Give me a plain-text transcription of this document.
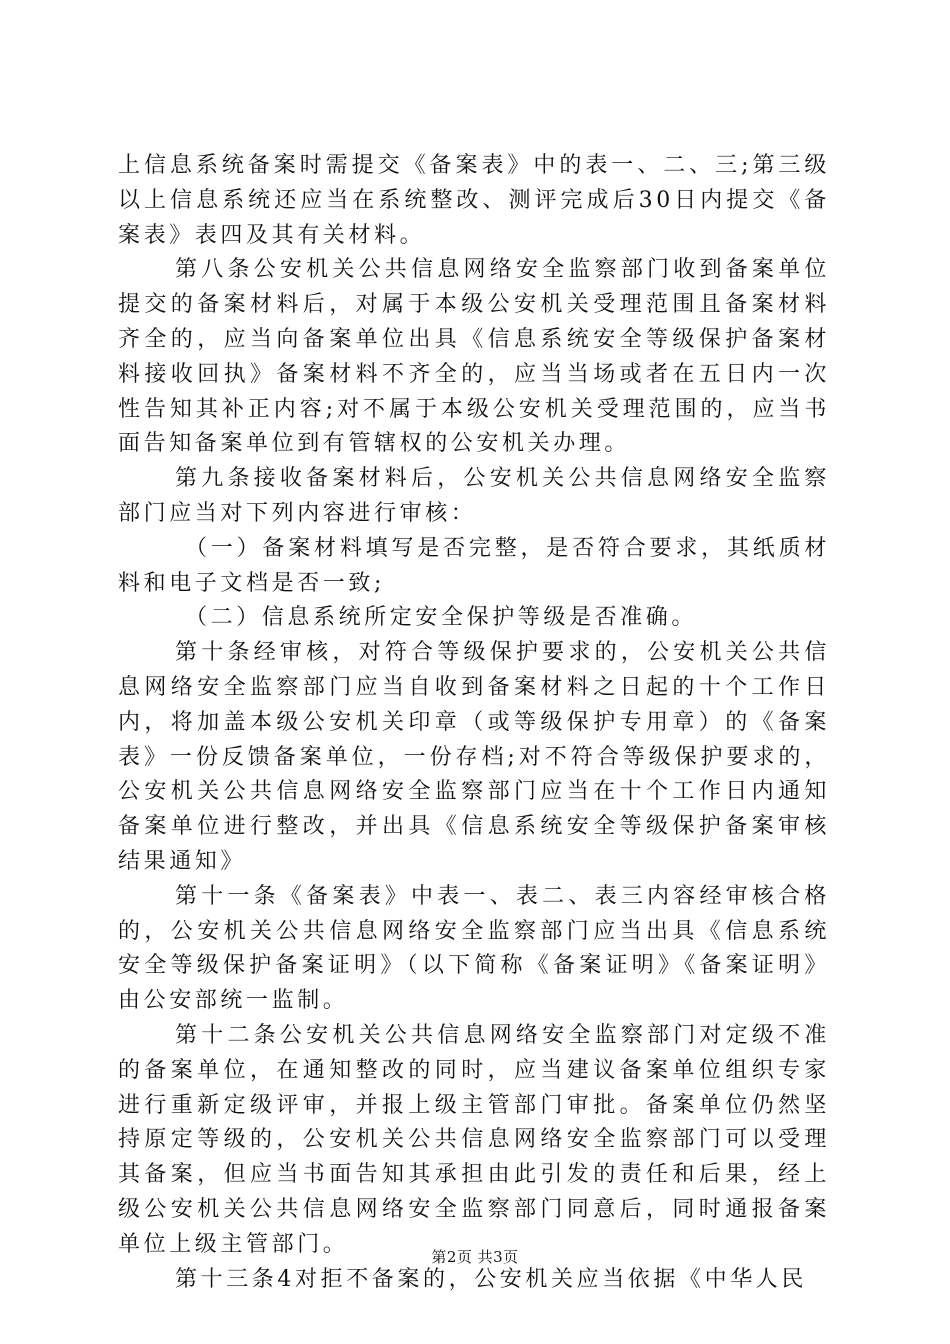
上信息系统备案时需提交《备案表》中的表一、二、三;第三级以上信息系统还应当在系统整改、测评完成后30日内提交《备案表》表四及其有关材料。

第八条公安机关公共信息网络安全监察部门收到备案单位提交的备案材料后，对属于本级公安机关受理范围且备案材料齐全的，应当向备案单位出具《信息系统安全等级保护备案材料接收回执》备案材料不齐全的，应当当场或者在五日内一次性告知其补正内容;对不属于本级公安机关受理范围的，应当书面告知备案单位到有管辖权的公安机关办理。

第九条接收备案材料后，公安机关公共信息网络安全监察部门应当对下列内容进行审核：

（一）备案材料填写是否完整，是否符合要求，其纸质材料和电子文档是否一致;

（二）信息系统所定安全保护等级是否准确。

第十条经审核，对符合等级保护要求的，公安机关公共信息网络安全监察部门应当自收到备案材料之日起的十个工作日内，将加盖本级公安机关印章（或等级保护专用章）的《备案表》一份反馈备案单位，一份存档;对不符合等级保护要求的，公安机关公共信息网络安全监察部门应当在十个工作日内通知备案单位进行整改，并出具《信息系统安全等级保护备案审核结果通知》

第十一条《备案表》中表一、表二、表三内容经审核合格的，公安机关公共信息网络安全监察部门应当出具《信息系统安全等级保护备案证明》（以下简称《备案证明》《备案证明》由公安部统一监制。

第十二条公安机关公共信息网络安全监察部门对定级不准的备案单位，在通知整改的同时，应当建议备案单位组织专家进行重新定级评审，并报上级主管部门审批。备案单位仍然坚持原定等级的，公安机关公共信息网络安全监察部门可以受理其备案，但应当书面告知其承担由此引发的责任和后果，经上级公安机关公共信息网络安全监察部门同意后，同时通报备案单位上级主管部门。

第十三条4对拒不备案的，公安机关应当依据《中华人民

第2页 共3页
